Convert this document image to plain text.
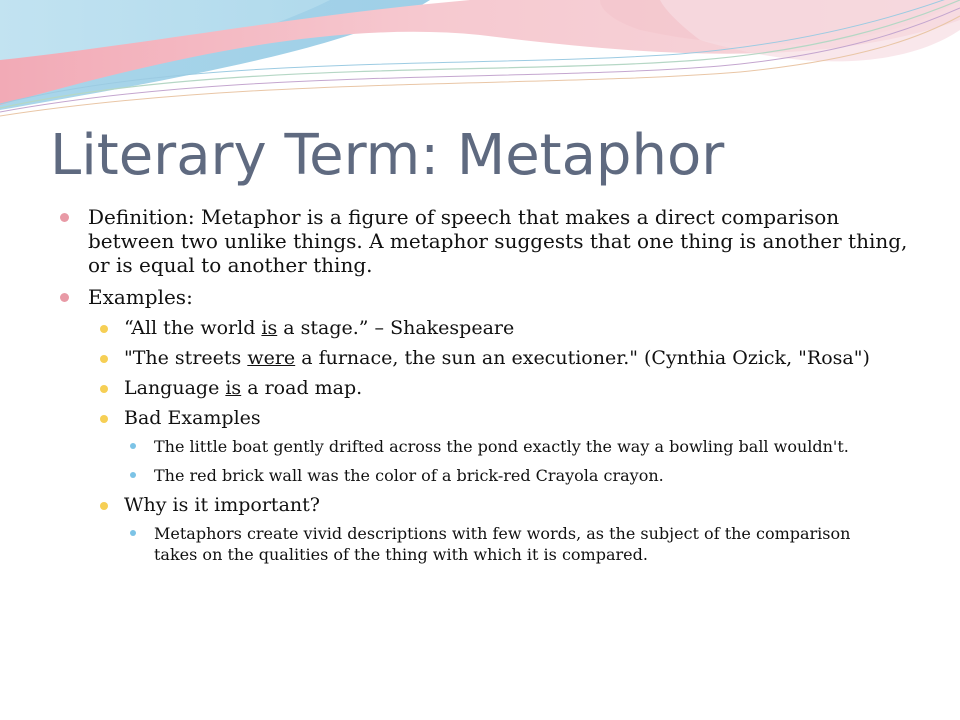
Literary Term: Metaphor
Definition: Metaphor is a figure of speech that makes a direct comparison between two unlike things. A metaphor suggests that one thing is another thing, or is equal to another thing.
Examples:
“All the world is a stage.” – Shakespeare
"The streets were a furnace, the sun an executioner." (Cynthia Ozick, "Rosa")
Language is a road map.
Bad Examples
The little boat gently drifted across the pond exactly the way a bowling ball wouldn't.
The red brick wall was the color of a brick-red Crayola crayon.
Why is it important?
Metaphors create vivid descriptions with few words, as the subject of the comparison takes on the qualities of the thing with which it is compared.
